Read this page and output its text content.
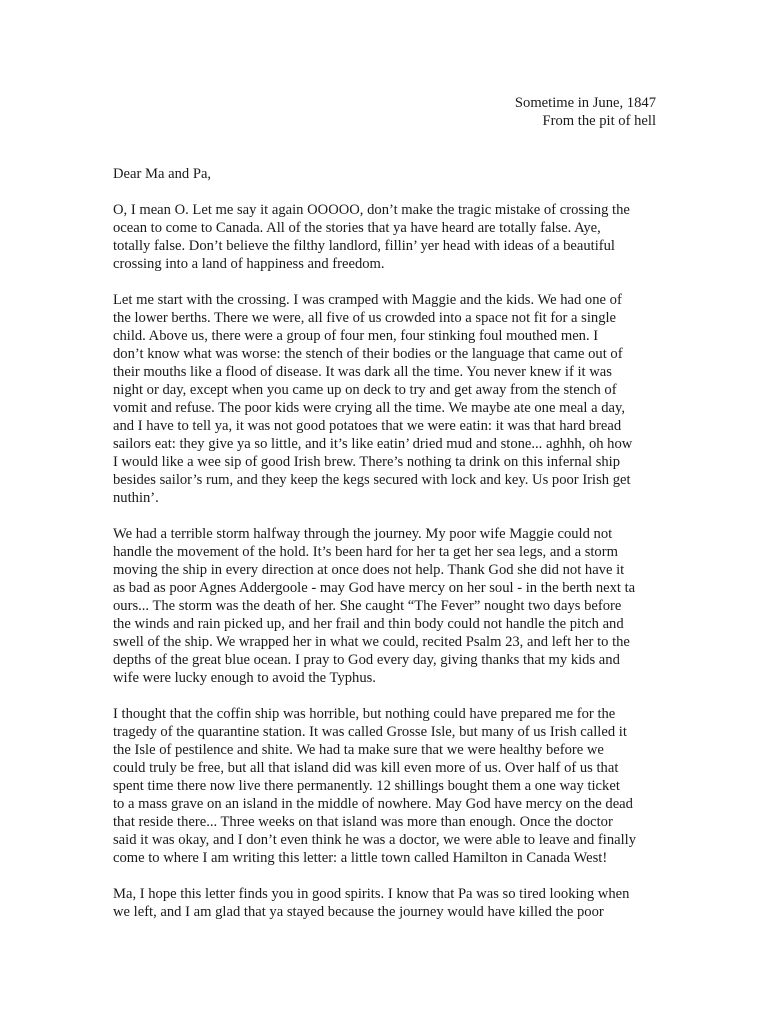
Sometime in June, 1847
From the pit of hell
Dear Ma and Pa,
O, I mean O. Let me say it again OOOOO, don’t make the tragic mistake of crossing the
ocean to come to Canada. All of the stories that ya have heard are totally false. Aye,
totally false. Don’t believe the filthy landlord, fillin’ yer head with ideas of a beautiful
crossing into a land of happiness and freedom.
Let me start with the crossing. I was cramped with Maggie and the kids. We had one of
the lower berths. There we were, all five of us crowded into a space not fit for a single
child. Above us, there were a group of four men, four stinking foul mouthed men. I
don’t know what was worse: the stench of their bodies or the language that came out of
their mouths like a flood of disease. It was dark all the time. You never knew if it was
night or day, except when you came up on deck to try and get away from the stench of
vomit and refuse. The poor kids were crying all the time. We maybe ate one meal a day,
and I have to tell ya, it was not good potatoes that we were eatin: it was that hard bread
sailors eat: they give ya so little, and it’s like eatin’ dried mud and stone... aghhh, oh how
I would like a wee sip of good Irish brew. There’s nothing ta drink on this infernal ship
besides sailor’s rum, and they keep the kegs secured with lock and key. Us poor Irish get
nuthin’.
We had a terrible storm halfway through the journey. My poor wife Maggie could not
handle the movement of the hold. It’s been hard for her ta get her sea legs, and a storm
moving the ship in every direction at once does not help. Thank God she did not have it
as bad as poor Agnes Addergoole - may God have mercy on her soul - in the berth next ta
ours... The storm was the death of her. She caught “The Fever” nought two days before
the winds and rain picked up, and her frail and thin body could not handle the pitch and
swell of the ship. We wrapped her in what we could, recited Psalm 23, and left her to the
depths of the great blue ocean. I pray to God every day, giving thanks that my kids and
wife were lucky enough to avoid the Typhus.
I thought that the coffin ship was horrible, but nothing could have prepared me for the
tragedy of the quarantine station. It was called Grosse Isle, but many of us Irish called it
the Isle of pestilence and shite. We had ta make sure that we were healthy before we
could truly be free, but all that island did was kill even more of us. Over half of us that
spent time there now live there permanently. 12 shillings bought them a one way ticket
to a mass grave on an island in the middle of nowhere. May God have mercy on the dead
that reside there... Three weeks on that island was more than enough. Once the doctor
said it was okay, and I don’t even think he was a doctor, we were able to leave and finally
come to where I am writing this letter: a little town called Hamilton in Canada West!
Ma, I hope this letter finds you in good spirits. I know that Pa was so tired looking when
we left, and I am glad that ya stayed because the journey would have killed the poor
